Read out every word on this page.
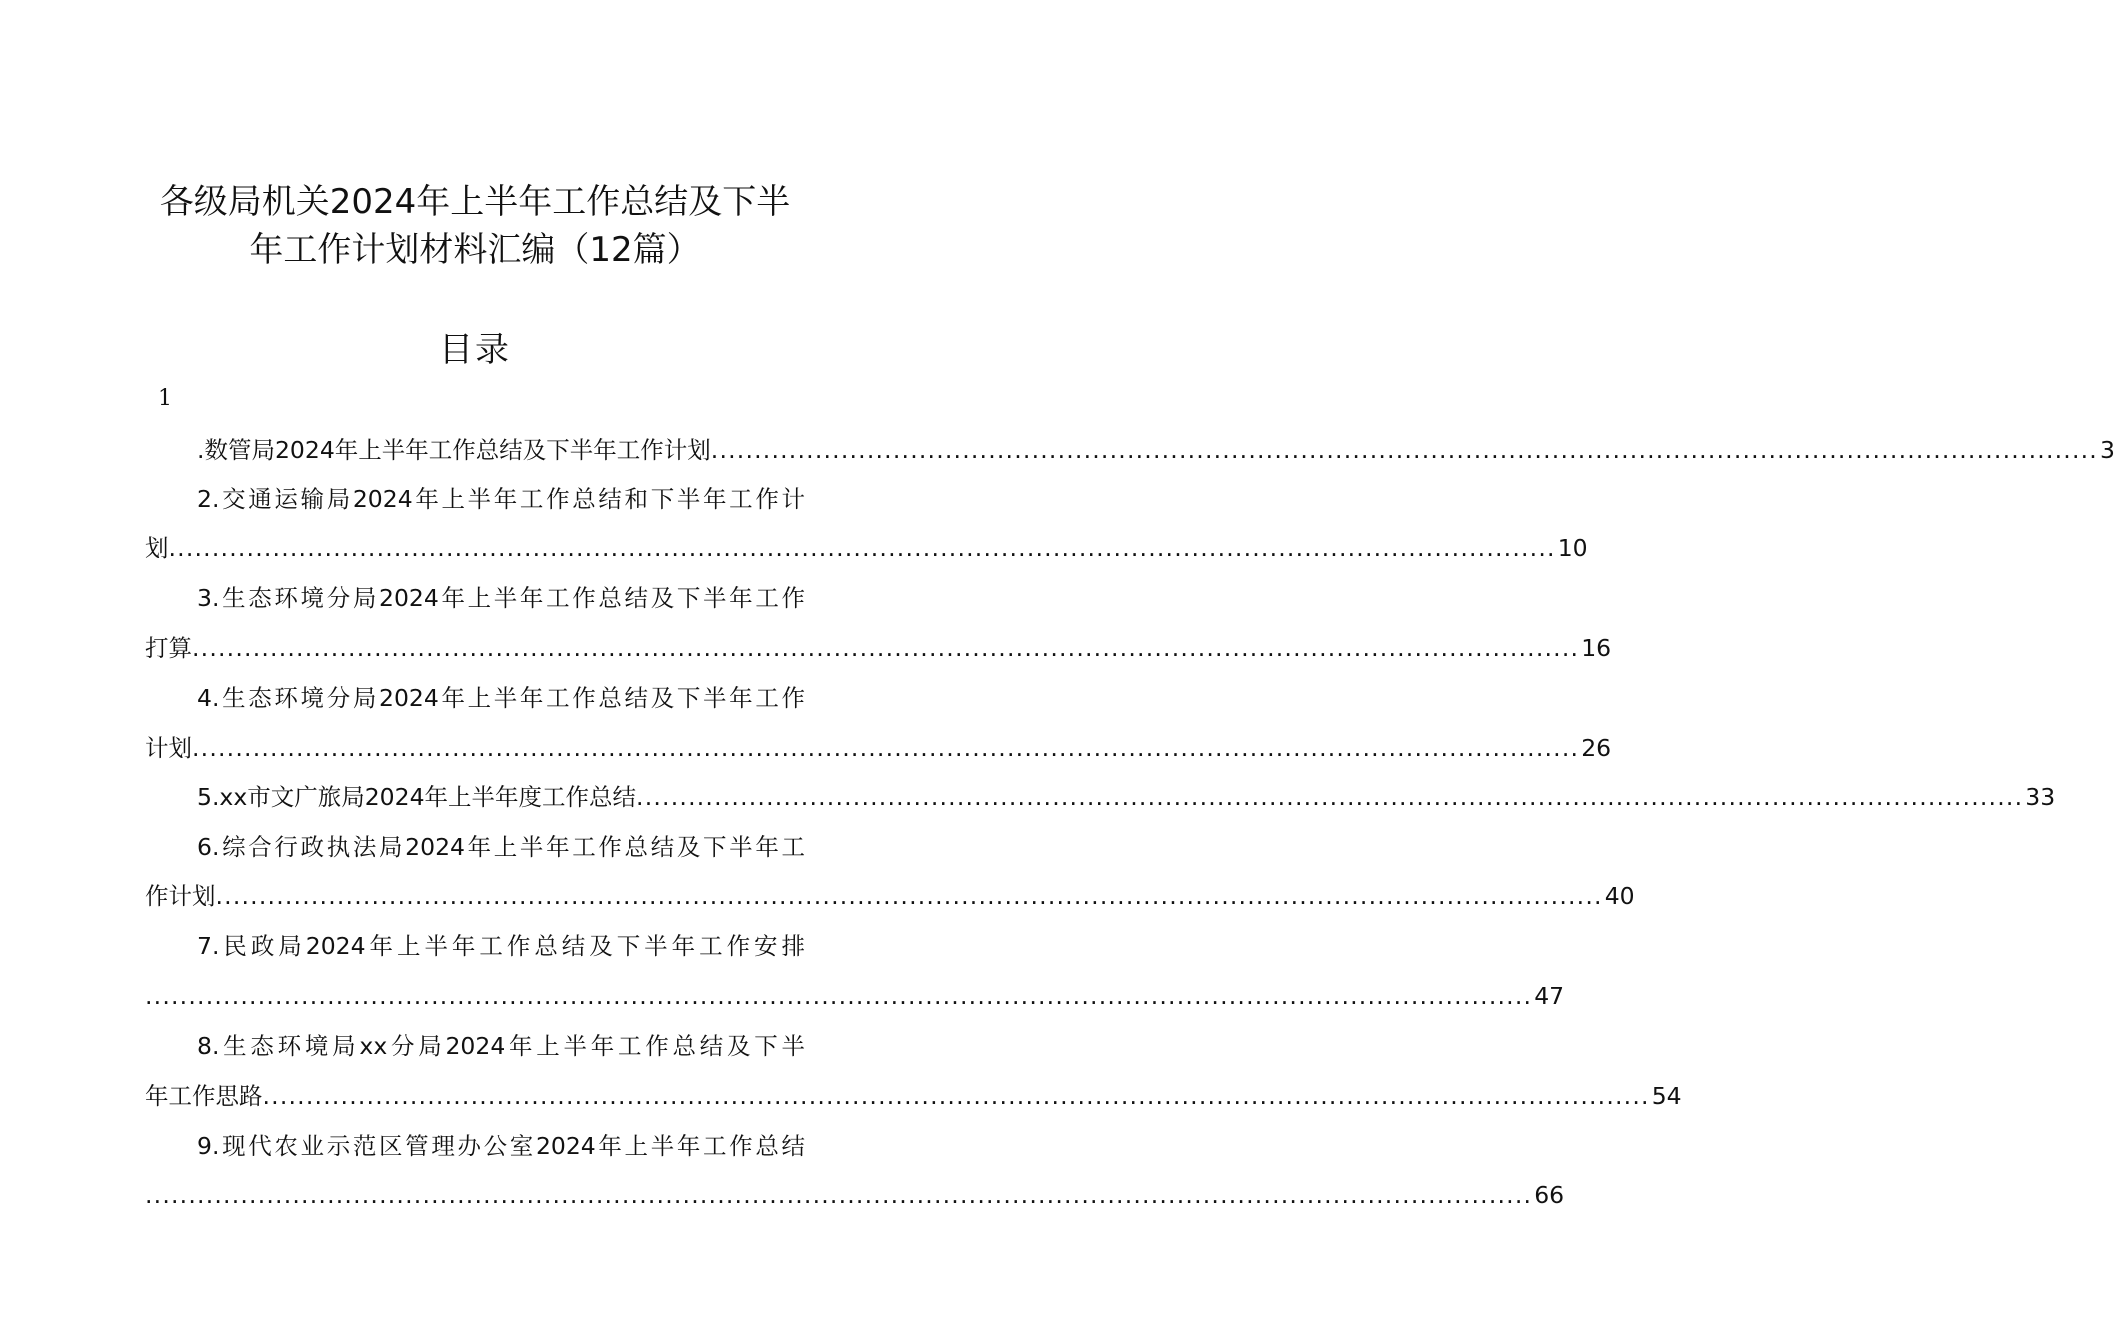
各级局机关2024年上半年工作总结及下半
年工作计划材料汇编（12篇）
目录
1
.数管局2024年上半年工作总结及下半年工作计划 ................................................................................................................................................................ 3
2.交通运输局2024年上半年工作总结和下半年工作计
划 ................................................................................................................................................................ 10
3.生态环境分局2024年上半年工作总结及下半年工作
打算 ................................................................................................................................................................ 16
4.生态环境分局2024年上半年工作总结及下半年工作
计划 ................................................................................................................................................................ 26
5.xx市文广旅局2024年上半年度工作总结 ................................................................................................................................................................ 33
6.综合行政执法局2024年上半年工作总结及下半年工
作计划 ................................................................................................................................................................ 40
7.民政局2024年上半年工作总结及下半年工作安排
................................................................................................................................................................ 47
8.生态环境局xx分局2024年上半年工作总结及下半
年工作思路 ................................................................................................................................................................ 54
9.现代农业示范区管理办公室2024年上半年工作总结
................................................................................................................................................................ 66
